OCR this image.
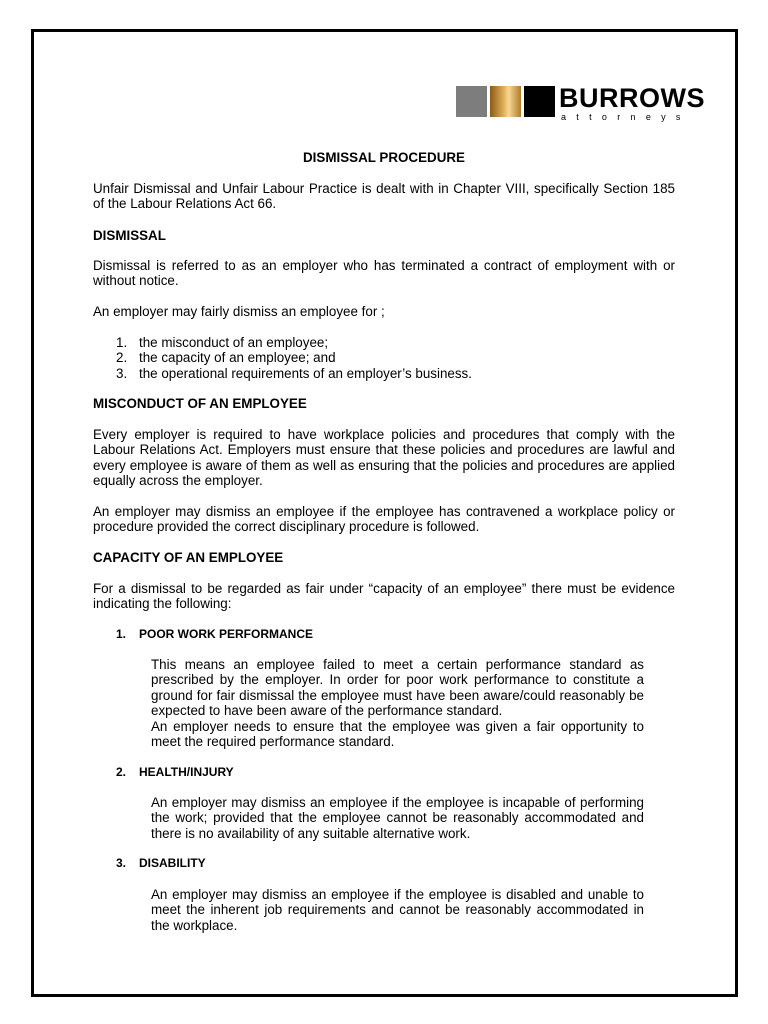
BURROWS
attorneys
DISMISSAL PROCEDURE

Unfair Dismissal and Unfair Labour Practice is dealt with in Chapter VIII, specifically Section 185 of the Labour Relations Act 66.

DISMISSAL

Dismissal is referred to as an employer who has terminated a contract of employment with or without notice.

An employer may fairly dismiss an employee for ;

1. the misconduct of an employee;
2. the capacity of an employee; and
3. the operational requirements of an employer’s business.
MISCONDUCT OF AN EMPLOYEE

Every employer is required to have workplace policies and procedures that comply with the Labour Relations Act. Employers must ensure that these policies and procedures are lawful and every employee is aware of them as well as ensuring that the policies and procedures are applied equally across the employer.

An employer may dismiss an employee if the employee has contravened a workplace policy or procedure provided the correct disciplinary procedure is followed.

CAPACITY OF AN EMPLOYEE

For a dismissal to be regarded as fair under “capacity of an employee” there must be evidence indicating the following:

1. POOR WORK PERFORMANCE

This means an employee failed to meet a certain performance standard as prescribed by the employer. In order for poor work performance to constitute a ground for fair dismissal the employee must have been aware/could reasonably be expected to have been aware of the performance standard.

An employer needs to ensure that the employee was given a fair opportunity to meet the required performance standard.

2. HEALTH/INJURY

An employer may dismiss an employee if the employee is incapable of performing the work; provided that the employee cannot be reasonably accommodated and there is no availability of any suitable alternative work.

3. DISABILITY

An employer may dismiss an employee if the employee is disabled and unable to meet the inherent job requirements and cannot be reasonably accommodated in the workplace.
